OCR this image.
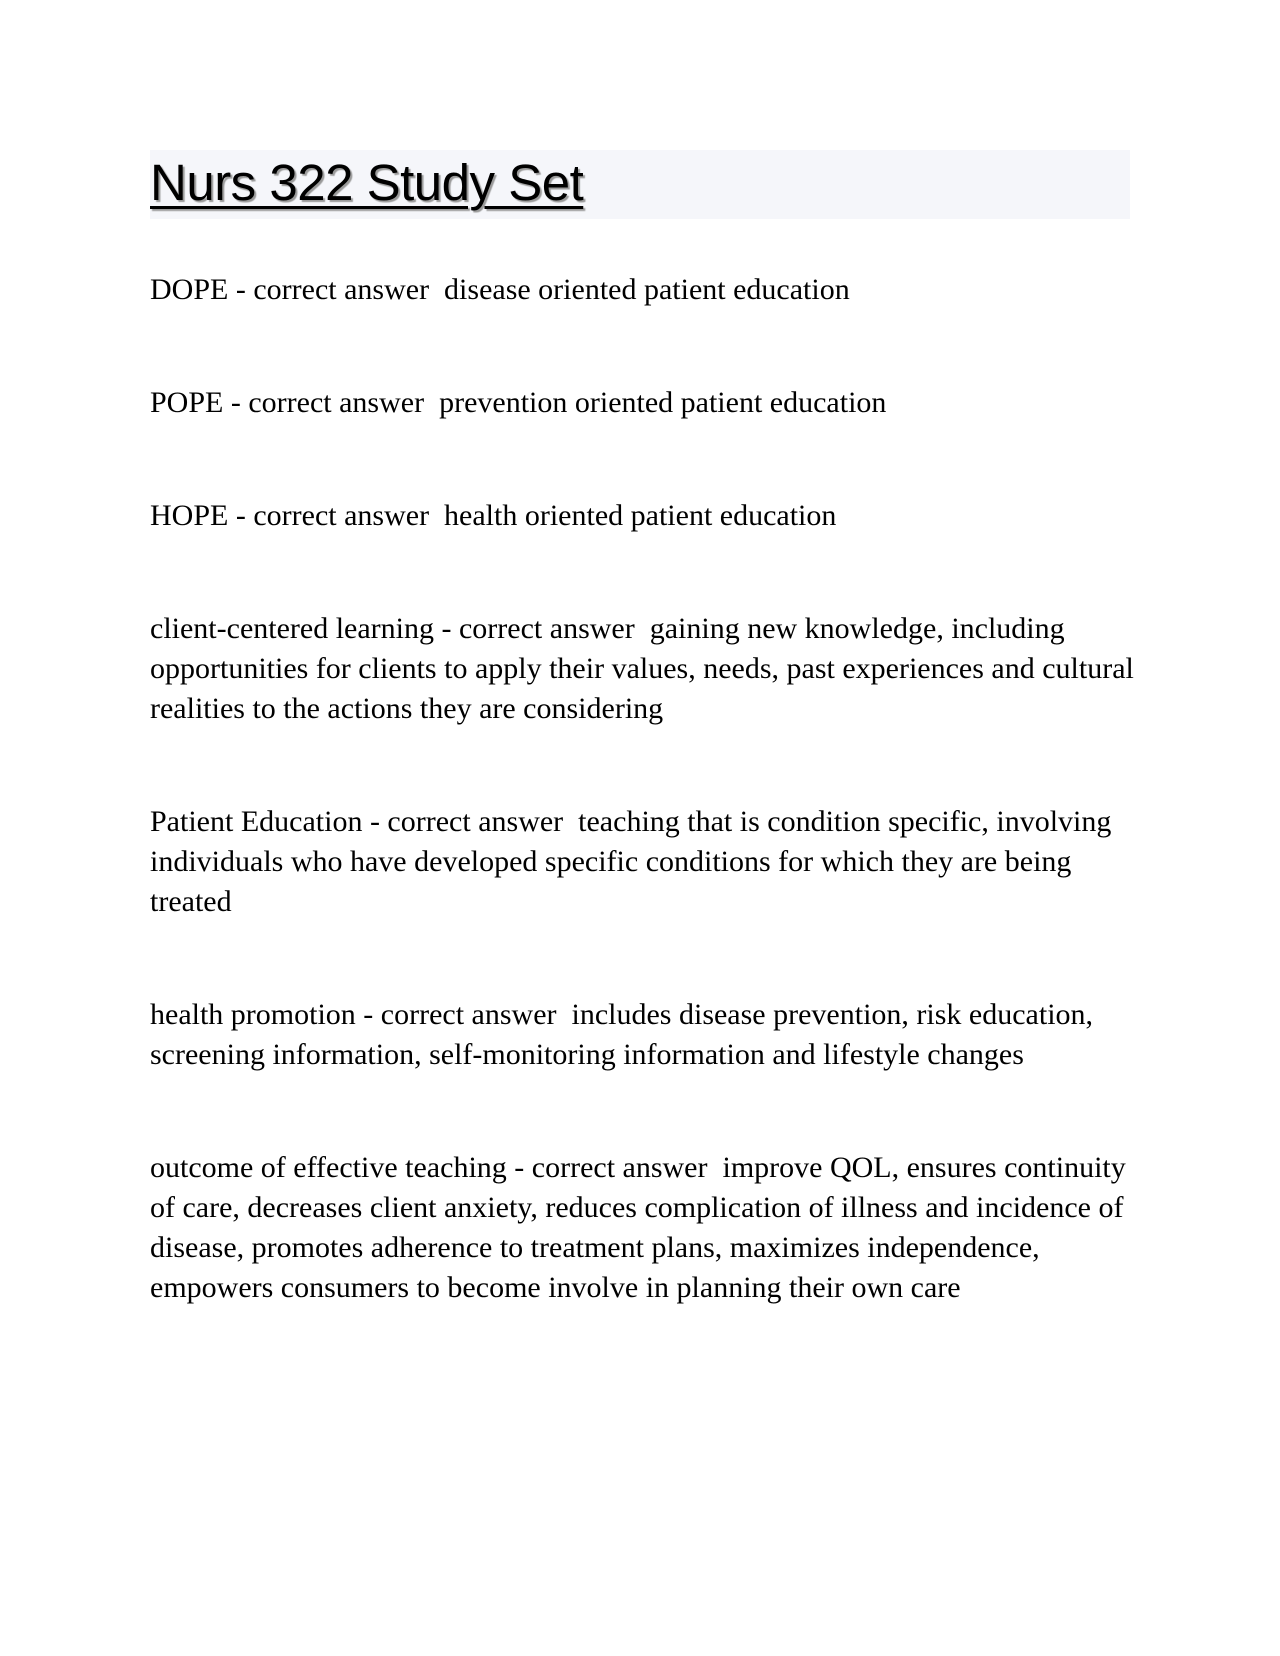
Nurs 322 Study Set

DOPE - correct answer  disease oriented patient education

POPE - correct answer  prevention oriented patient education

HOPE - correct answer  health oriented patient education

client-centered learning - correct answer  gaining new knowledge, including opportunities for clients to apply their values, needs, past experiences and cultural realities to the actions they are considering

Patient Education - correct answer  teaching that is condition specific, involving individuals who have developed specific conditions for which they are being treated

health promotion - correct answer  includes disease prevention, risk education, screening information, self-monitoring information and lifestyle changes

outcome of effective teaching - correct answer  improve QOL, ensures continuity of care, decreases client anxiety, reduces complication of illness and incidence of disease, promotes adherence to treatment plans, maximizes independence, empowers consumers to become involve in planning their own care
